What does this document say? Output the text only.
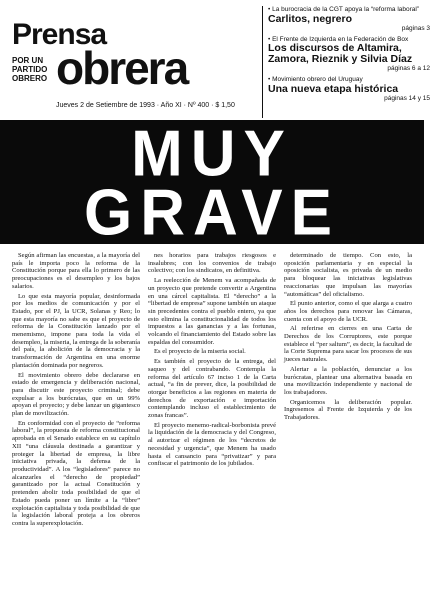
Prensa
POR UN PARTIDO OBRERO obrera
Jueves 2 de Setiembre de 1993 · Año XI · Nº 400 · $ 1,50
• La burocracia de la CGT apoya la “reforma laboral”
Carlitos, negrero
páginas 3
• El Frente de Izquierda en la Federación de Box
Los discursos de Altamira, Zamora, Rieznik y Silvia Díaz
páginas 6 a 12
• Movimiento obrero del Uruguay
Una nueva etapa histórica
páginas 14 y 15
MUY
GRAVE

Según afirman las encuestas, a la mayoría del país le importa poco la reforma de la Constitución porque para ella lo primero de las preocupaciones es el desempleo y los bajos salarios.

Lo que esta mayoría popular, desinformada por los medios de comunicación y por el Estado, por el PJ, la UCR, Solanas y Reo; lo que esta mayoría no sabe es que el proyecto de reforma de la Constitución lanzado por el menemismo, impone para toda la vida el desempleo, la miseria, la entrega de la soberanía del país, la abolición de la democracia y la transformación de Argentina en una enorme plantación dominada por negreros.

El movimiento obrero debe declararse en estado de emergencia y deliberación nacional, para discutir este proyecto criminal; debe expulsar a los burócratas, que en un 99% apoyan el proyecto; y debe lanzar un gigantesco plan de movilización.

En conformidad con el proyecto de “reforma laboral”, la propuesta de reforma constitucional aprobada en el Senado establece en su capítulo XII “una cláusula destinada a garantizar y proteger la libertad de empresa, la libre iniciativa privada, la defensa de la productividad”. A los “legisladores” parece no alcanzarles el “derecho de propiedad” garantizado por la actual Constitución y pretenden abolir toda posibilidad de que el Estado pueda poner un límite a la “libre” explotación capitalista y toda posibilidad de que la legislación laboral proteja a los obreros contra la superexplotación.

nes horarios para trabajos riesgosos e insalubres; con los convenios de trabajo colectivo; con los sindicatos, en definitiva.

La reelección de Menem va acompañada de un proyecto que pretende convertir a Argentina en una cárcel capitalista. El “derecho” a la “libertad de empresa” supone también un ataque sin precedentes contra el pueblo entero, ya que esto elimina la constitucionalidad de todos los impuestos a las ganancias y a las fortunas, volcando el financiamiento del Estado sobre las espaldas del consumidor.

Es el proyecto de la miseria social.

Es también el proyecto de la entrega, del saqueo y del contrabando. Contempla la reforma del artículo 67 inciso 1 de la Carta actual, “a fin de prever, dice, la posibilidad de otorgar beneficios a las regiones en materia de derechos de exportación e importación contemplando incluso el establecimiento de zonas francas”.

El proyecto menemo-radical-borbonista prevé la liquidación de la democracia y del Congreso, al autorizar el régimen de los “decretos de necesidad y urgencia”, que Menem ha usado hasta el cansancio para “privatizar” y para confiscar el patrimonio de los jubilados.

determinado de tiempo. Con esto, la oposición parlamentaria y en especial la oposición socialista, es privada de un medio para bloquear las iniciativas legislativas reaccionarias que impulsan las mayorías “automáticas” del oficialismo.

El punto anterior, como el que alarga a cuatro años los derechos para renovar las Cámaras, cuenta con el apoyo de la UCR.

Al referirse en cierres en una Carta de Derechos de los Corruptores, este porque establece el “per saltum”, es decir, la facultad de la Corte Suprema para sacar los procesos de sus jueces naturales.

Alertar a la población, denunciar a los burócratas, plantear una alternativa basada en una movilización independiente y nacional de los trabajadores.

Organicemos la deliberación popular. Ingresemos al Frente de Izquierda y de los Trabajadores.
